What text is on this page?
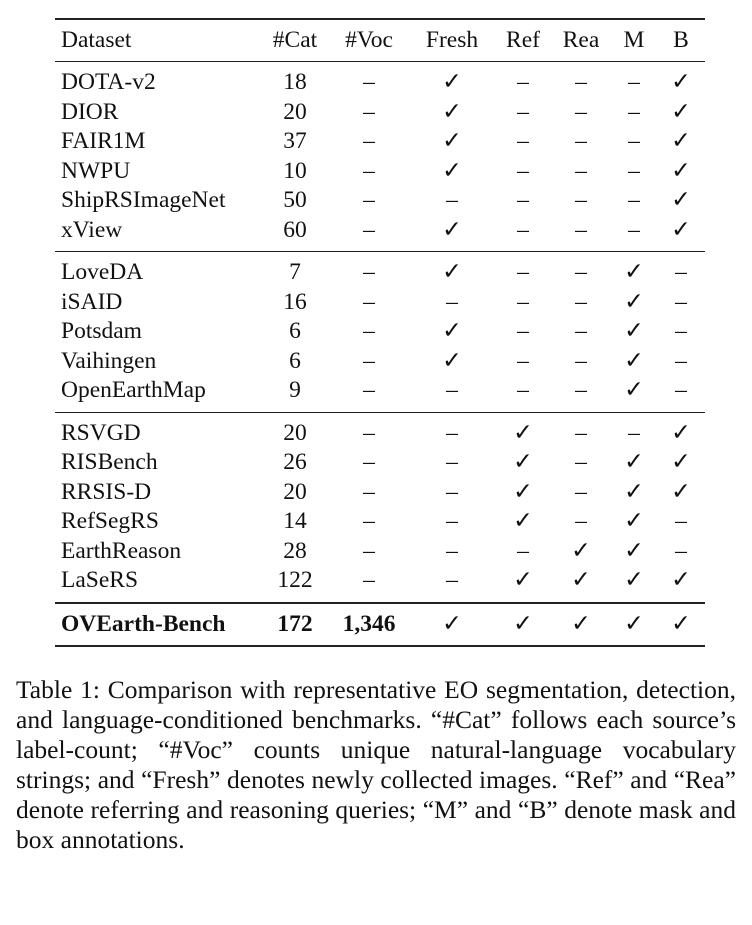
Dataset	#Cat	#Voc	Fresh	Ref	Rea	M	B
DOTA-v2	18	–	✓	–	–	–	✓
DIOR	20	–	✓	–	–	–	✓
FAIR1M	37	–	✓	–	–	–	✓
NWPU	10	–	✓	–	–	–	✓
ShipRSImageNet	50	–	–	–	–	–	✓
xView	60	–	✓	–	–	–	✓
LoveDA	7	–	✓	–	–	✓	–
iSAID	16	–	–	–	–	✓	–
Potsdam	6	–	✓	–	–	✓	–
Vaihingen	6	–	✓	–	–	✓	–
OpenEarthMap	9	–	–	–	–	✓	–
RSVGD	20	–	–	✓	–	–	✓
RISBench	26	–	–	✓	–	✓	✓
RRSIS-D	20	–	–	✓	–	✓	✓
RefSegRS	14	–	–	✓	–	✓	–
EarthReason	28	–	–	–	✓	✓	–
LaSeRS	122	–	–	✓	✓	✓	✓
OVEarth-Bench	172	1,346	✓	✓	✓	✓	✓

Table 1: Comparison with representative EO segmentation, detection, and language-conditioned benchmarks. “#Cat” follows each source’s label-count; “#Voc” counts unique natural-language vocabulary strings; and “Fresh” denotes newly collected images. “Ref” and “Rea” denote referring and reasoning queries; “M” and “B” denote mask and box annotations.
